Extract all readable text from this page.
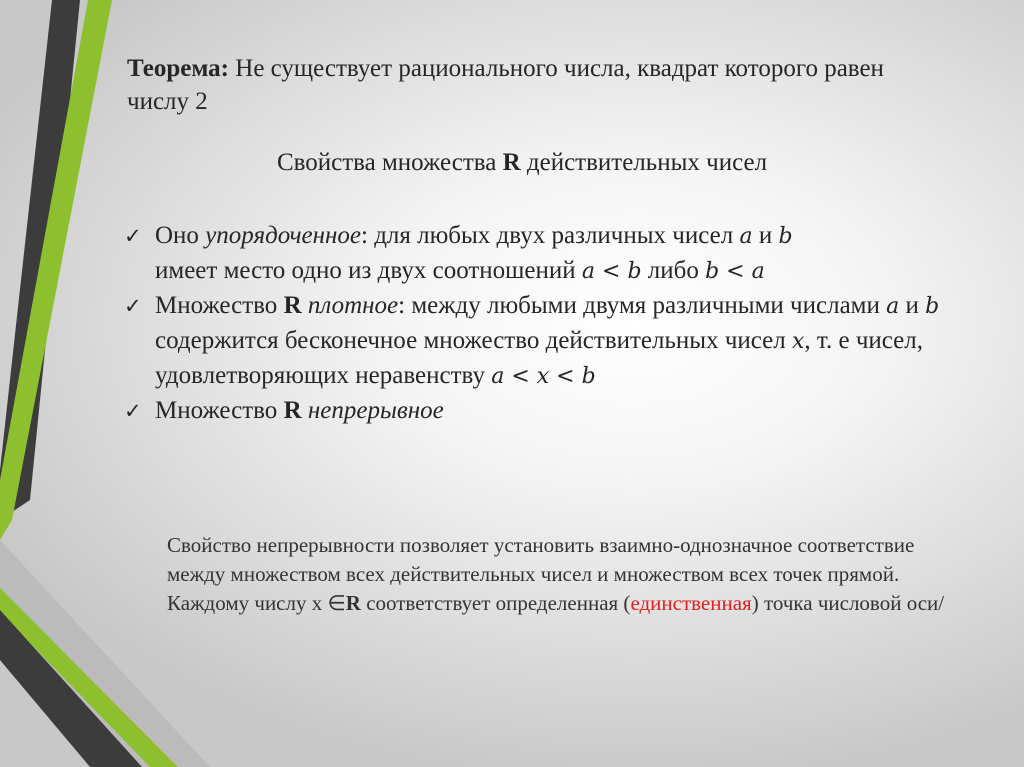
Теорема: Не существует рационального числа, квадрат которого равен числу 2
Свойства множества R действительных чисел
✓ Оно упорядоченное: для любых двух различных чисел a и b
имеет место одно из двух соотношений a < b либо b < a
✓ Множество R плотное: между любыми двумя различными числами a и b содержится бесконечное множество действительных чисел x, т. е чисел, удовлетворяющих неравенству a < x < b
✓ Множество R непрерывное
Свойство непрерывности позволяет установить взаимно-однозначное соответствие между множеством всех действительных чисел и множеством всех точек прямой. Каждому числу х ∈R соответствует определенная (единственная) точка числовой оси/
